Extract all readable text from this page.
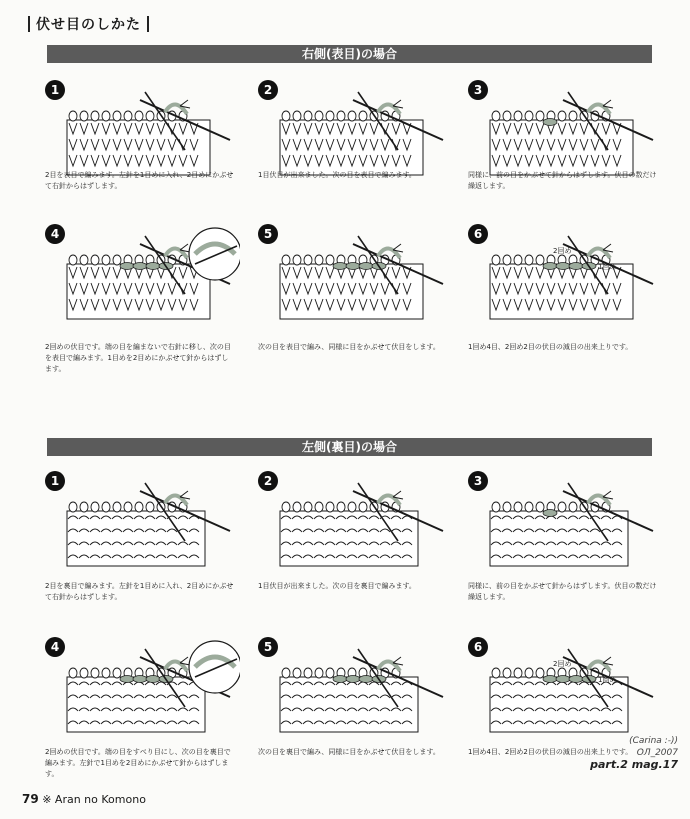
伏せ目のしかた
右側(表目)の場合
左側(裏目)の場合
1
2目を表目で編みます。左針を1目めに入れ、2目めにかぶせて右針からはずします。
2
1目伏目が出来ました。次の目を表目で編みます。
3
同様に、前の目をかぶせて針からはずします。伏目の数だけ繰返します。
4
2回めの伏目です。端の目を編まないで右針に移し、次の目を表目で編みます。1目めを2目めにかぶせて針からはずします。
5
次の目を表目で編み、同様に目をかぶせて伏目をします。
6
2回め
1回め
1回め4目、2回め2目の伏目の減目の出来上りです。
1
2目を裏目で編みます。左針を1目めに入れ、2目めにかぶせて右針からはずします。
2
1目伏目が出来ました。次の目を裏目で編みます。
3
同様に、前の目をかぶせて針からはずします。伏目の数だけ繰返します。
4
2回めの伏目です。端の目をすべり目にし、次の目を裏目で編みます。左針で1目めを2目めにかぶせて針からはずします。
5
次の目を裏目で編み、同様に目をかぶせて伏目をします。
6
2回め
1回め
1回め4目、2回め2目の伏目の減目の出来上りです。
79 ※ Aran no Komono
(Carina :-))
ОЛ_2007
part.2 mag.17
